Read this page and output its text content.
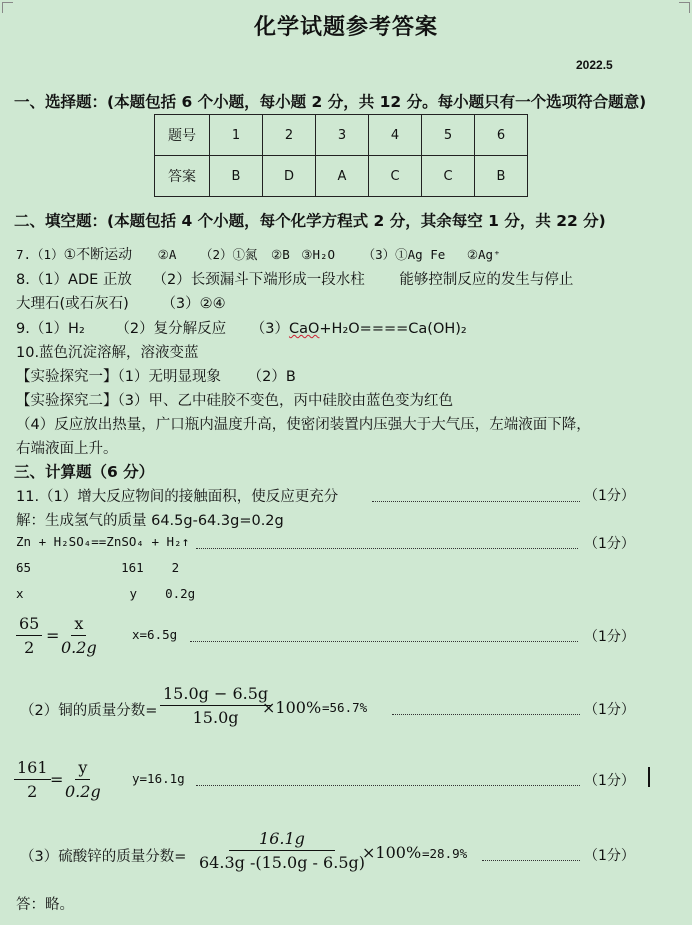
化学试题参考答案
2022.5
一、选择题：(本题包括 6 个小题，每小题 2 分，共 12 分。每小题只有一个选项符合题意)
题号	1	2	3	4	5	6
答案	B	D	A	C	C	B
二、填空题：(本题包括 4 个小题，每个化学方程式 2 分，其余每空 1 分，共 22 分)
7.（1）①不断运动 ②A （2）①氮 ②B ③H₂O （3）①Ag Fe ②Ag⁺
8.（1）ADE 正放 （2）长颈漏斗下端形成一段水柱 能够控制反应的发生与停止
大理石(或石灰石) （3）②④
9.（1）H₂ （2）复分解反应 （3）CaO+H₂O====Ca(OH)₂
10.蓝色沉淀溶解，溶液变蓝
【实验探究一】（1）无明显现象 （2）B
【实验探究二】（3）甲、乙中硅胶不变色，丙中硅胶由蓝色变为红色
（4）反应放出热量，广口瓶内温度升高，使密闭装置内压强大于大气压，左端液面下降，
右端液面上升。
三、计算题（6 分）
11.（1）增大反应物间的接触面积，使反应更充分	（1分）
解：生成氢气的质量 64.5g-64.3g=0.2g
Zn + H₂SO₄==ZnSO₄ + H₂↑	（1分）
65	161 2
x	y 0.2g
$\frac{65}{2}$ =
$\frac{x}{0.2g}$	x=6.5g	（1分）
（2）铜的质量分数= $\frac{15.0g - 6.5g}{15.0g}$
×100% =56.7%	（1分）
$\frac{161}{2}$ =
$\frac{y}{0.2g} y=16.1g$	（1分）
（3）硫酸锌的质量分数= $\frac{16.1g}{64.3g -(15.0g - 6.5g)}$
×100% =28.9%	（1分）
答：略。
